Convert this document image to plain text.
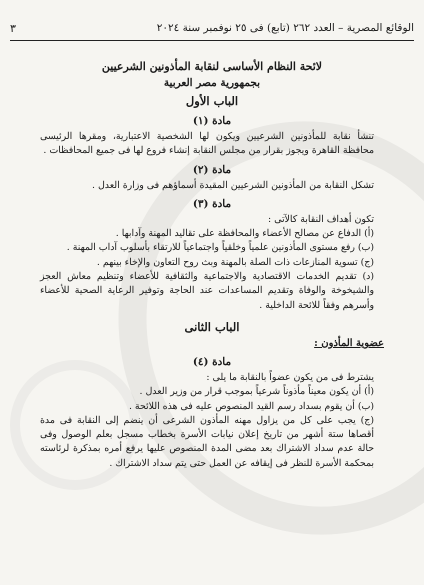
الوقائع المصرية – العدد ٢٦٢ (تابع) فى ٢٥ نوفمبر سنة ٢٠٢٤
٣
لائحة النظام الأساسى لنقابة المأذونين الشرعيين
بجمهورية مصر العربية
الباب الأول
مادة (١)
تنشأ نقابة للمأذونين الشرعيين ويكون لها الشخصية الاعتبارية، ومقرها الرئيسى محافظة القاهرة ويجوز بقرار من مجلس النقابة إنشاء فروع لها فى جميع المحافظات .
مادة (٢)
تشكل النقابة من المأذونين الشرعيين المقيدة أسماؤهم فى وزارة العدل .
مادة (٣)
تكون أهداف النقابة كالآتى :
(أ) الدفاع عن مصالح الأعضاء والمحافظة على تقاليد المهنة وآدابها .
(ب) رفع مستوى المأذونين علمياً وخلقياً واجتماعياً للارتقاء بأسلوب آداب المهنة .
(ج) تسوية المنازعات ذات الصلة بالمهنة وبث روح التعاون والإخاء بينهم .
(د) تقديم الخدمات الاقتصادية والاجتماعية والثقافية للأعضاء وتنظيم معاش العجز والشيخوخة والوفاة وتقديم المساعدات عند الحاجة وتوفير الرعاية الصحية للأعضاء وأسرهم وفقاً للائحة الداخلية .
الباب الثانى
عضوية المأذون :
مادة (٤)
يشترط فى من يكون عضواً بالنقابة ما يلى :
(أ) أن يكون معيناً مأذوناً شرعياً بموجب قرار من وزير العدل .
(ب) أن يقوم بسداد رسم القيد المنصوص عليه فى هذه اللائحة .
(ج) يجب على كل من يزاول مهنه المأذون الشرعى أن ينضم إلى النقابة فى مدة أقصاها ستة أشهر من تاريخ إعلان نيابات الأسرة بخطاب مسجل بعلم الوصول وفى حالة عدم سداد الاشتراك بعد مضى المدة المنصوص عليها يرفع أمره بمذكرة لرئاسته بمحكمة الأسرة للنظر فى إيقافه عن العمل حتى يتم سداد الاشتراك .
